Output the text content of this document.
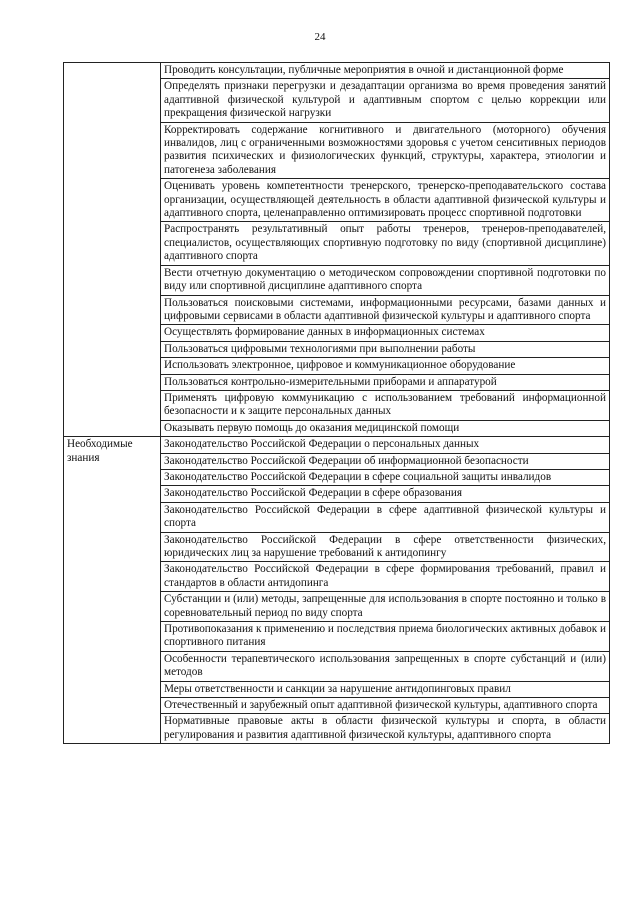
24
	Проводить консультации, публичные мероприятия в очной и дистанционной форме
	Определять признаки перегрузки и дезадаптации организма во время проведения занятий адаптивной физической культурой и адаптивным спортом с целью коррекции или прекращения физической нагрузки
	Корректировать содержание когнитивного и двигательного (моторного) обучения инвалидов, лиц с ограниченными возможностями здоровья с учетом сенситивных периодов развития психических и физиологических функций, структуры, характера, этиологии и патогенеза заболевания
	Оценивать уровень компетентности тренерского, тренерско-преподавательского состава организации, осуществляющей деятельность в области адаптивной физической культуры и адаптивного спорта, целенаправленно оптимизировать процесс спортивной подготовки
	Распространять результативный опыт работы тренеров, тренеров-преподавателей, специалистов, осуществляющих спортивную подготовку по виду (спортивной дисциплине) адаптивного спорта
	Вести отчетную документацию о методическом сопровождении спортивной подготовки по виду или спортивной дисциплине адаптивного спорта
	Пользоваться поисковыми системами, информационными ресурсами, базами данных и цифровыми сервисами в области адаптивной физической культуры и адаптивного спорта
	Осуществлять формирование данных в информационных системах
	Пользоваться цифровыми технологиями при выполнении работы
	Использовать электронное, цифровое и коммуникационное оборудование
	Пользоваться контрольно-измерительными приборами и аппаратурой
	Применять цифровую коммуникацию с использованием требований информационной безопасности и к защите персональных данных
	Оказывать первую помощь до оказания медицинской помощи
Необходимые знания	Законодательство Российской Федерации о персональных данных
	Законодательство Российской Федерации об информационной безопасности
	Законодательство Российской Федерации в сфере социальной защиты инвалидов
	Законодательство Российской Федерации в сфере образования
	Законодательство Российской Федерации в сфере адаптивной физической культуры и спорта
	Законодательство Российской Федерации в сфере ответственности физических, юридических лиц за нарушение требований к антидопингу
	Законодательство Российской Федерации в сфере формирования требований, правил и стандартов в области антидопинга
	Субстанции и (или) методы, запрещенные для использования в спорте постоянно и только в соревновательный период по виду спорта
	Противопоказания к применению и последствия приема биологических активных добавок и спортивного питания
	Особенности терапевтического использования запрещенных в спорте субстанций и (или) методов
	Меры ответственности и санкции за нарушение антидопинговых правил
	Отечественный и зарубежный опыт адаптивной физической культуры, адаптивного спорта
	Нормативные правовые акты в области физической культуры и спорта, в области регулирования и развития адаптивной физической культуры, адаптивного спорта
